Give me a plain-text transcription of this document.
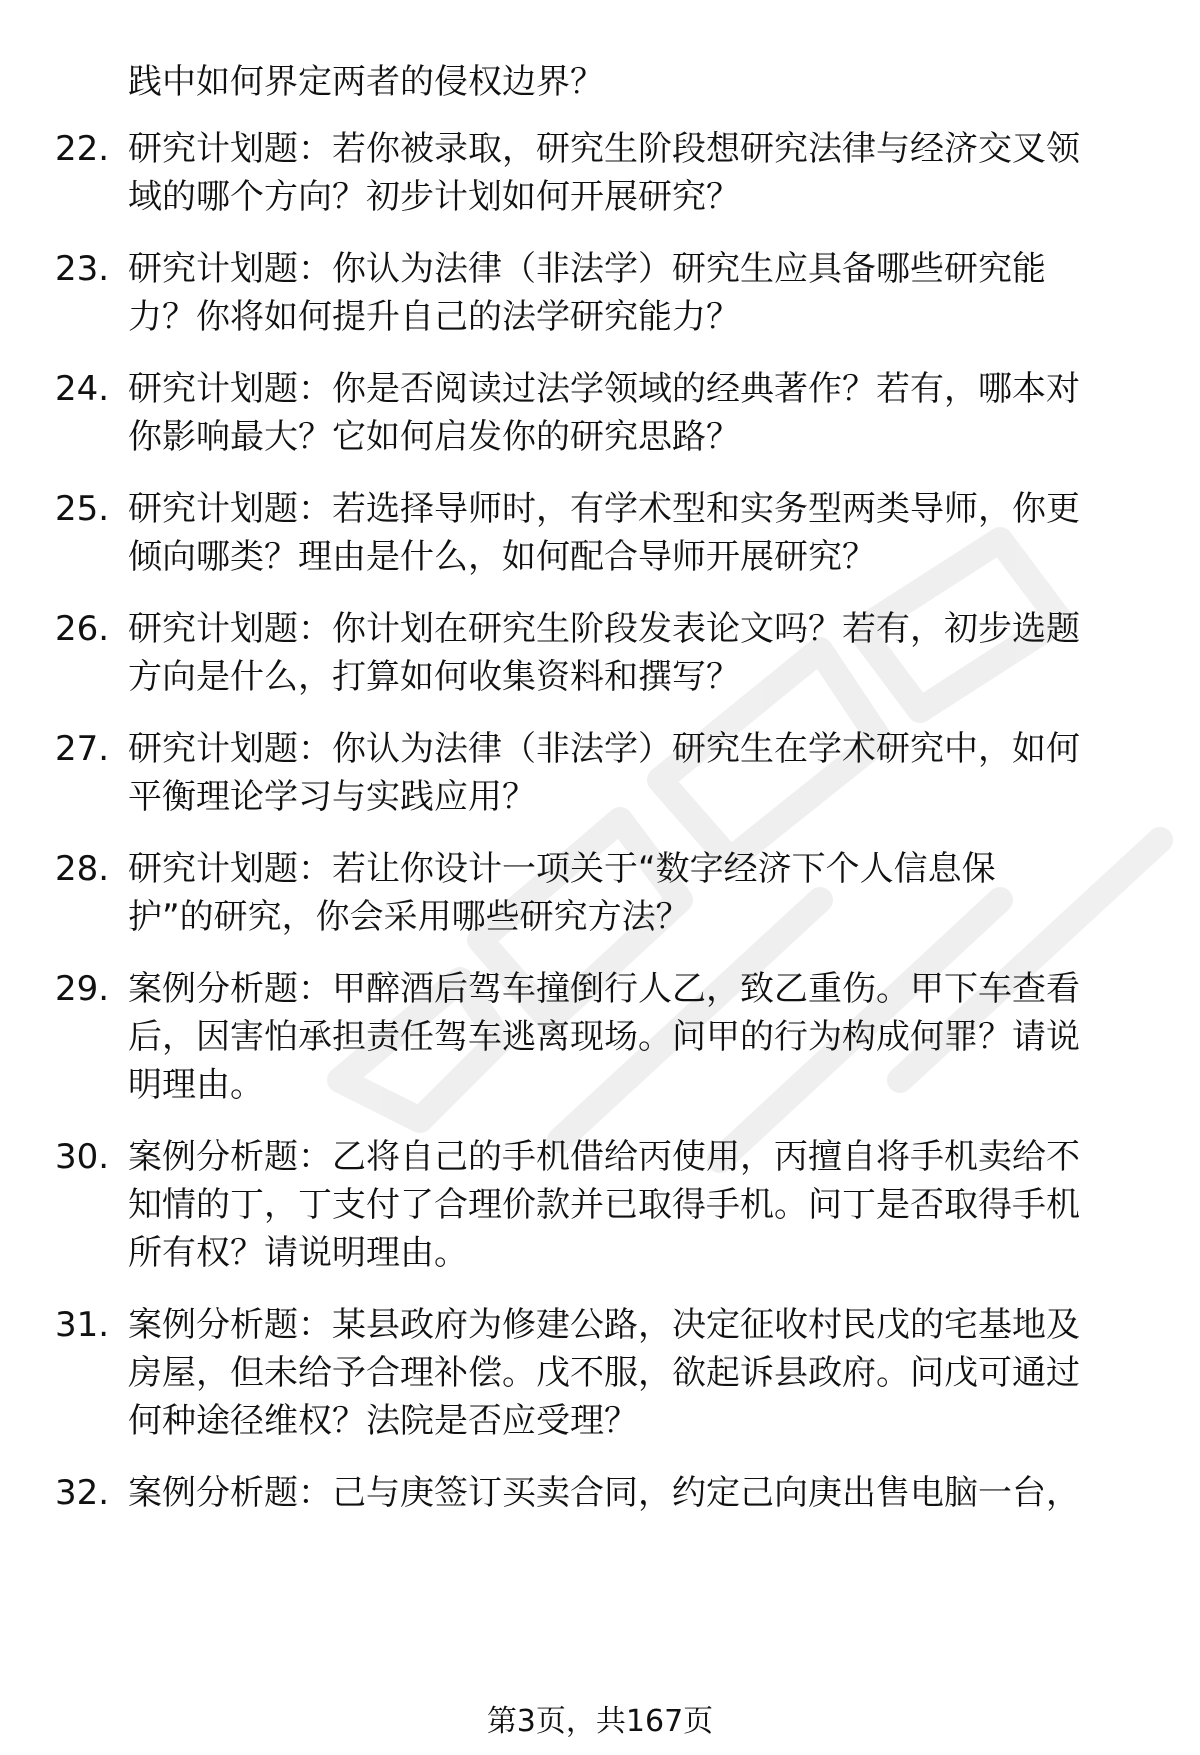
践中如何界定两者的侵权边界？
22. 研究计划题：若你被录取，研究生阶段想研究法律与经济交叉领
域的哪个方向？初步计划如何开展研究？
23. 研究计划题：你认为法律（非法学）研究生应具备哪些研究能
力？你将如何提升自己的法学研究能力？
24. 研究计划题：你是否阅读过法学领域的经典著作？若有，哪本对
你影响最大？它如何启发你的研究思路？
25. 研究计划题：若选择导师时，有学术型和实务型两类导师，你更
倾向哪类？理由是什么，如何配合导师开展研究？
26. 研究计划题：你计划在研究生阶段发表论文吗？若有，初步选题
方向是什么，打算如何收集资料和撰写？
27. 研究计划题：你认为法律（非法学）研究生在学术研究中，如何
平衡理论学习与实践应用？
28. 研究计划题：若让你设计一项关于“数字经济下个人信息保
护”的研究，你会采用哪些研究方法？
29. 案例分析题：甲醉酒后驾车撞倒行人乙，致乙重伤。甲下车查看
后，因害怕承担责任驾车逃离现场。问甲的行为构成何罪？请说
明理由。
30. 案例分析题：乙将自己的手机借给丙使用，丙擅自将手机卖给不
知情的丁，丁支付了合理价款并已取得手机。问丁是否取得手机
所有权？请说明理由。
31. 案例分析题：某县政府为修建公路，决定征收村民戊的宅基地及
房屋，但未给予合理补偿。戊不服，欲起诉县政府。问戊可通过
何种途径维权？法院是否应受理？
32. 案例分析题：己与庚签订买卖合同，约定己向庚出售电脑一台，
第3页，共167页
